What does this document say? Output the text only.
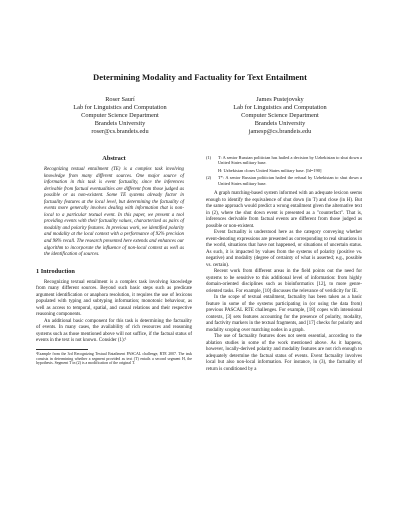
Determining Modality and Factuality for Text Entailment
Roser Saurí
Lab for Linguistics and Computation
Computer Science Department
Brandeis University
roser@cs.brandeis.edu
James Pustejovsky
Lab for Linguistics and Computation
Computer Science Department
Brandeis University
jamesp@cs.brandeis.edu
Abstract

Recognizing textual entailment (TE) is a complex task involving knowledge from many different sources. One major source of information in this task is event factuality, since the inferences derivable from factual eventualities are different from those judged as possible or as non-existent. Some TE systems already factor in factuality features at the local level, but determining the factuality of events more generally involves dealing with information that is non-local to a particular textual event. In this paper, we present a tool providing events with their factuality values, characterized as pairs of modality and polarity features. In previous work, we identified polarity and modality at the local context with a performance of 92% precision and 98% recall. The research presented here extends and enhances our algorithm to incorporate the influence of non-local context as well as the identification of sources.

1 Introduction

Recognizing textual entailment is a complex task involving knowledge from many different sources. Beyond such basic steps such as predicate argument identification or anaphora resolution, it requires the use of lexicons populated with typing and subtyping information; monotonic behaviour, as well as access to temporal, spatial, and causal relations and their respective reasoning components.

An additional basic component for this task is determining the factuality of events. In many cases, the availability of rich resources and reasoning systems such as those mentioned above will not suffice, if the factual status of events in the text is not known. Consider (1):¹

¹Example from the 3rd Recognizing Textual Entailment PASCAL challenge, RTE 2007. The task consists in determining whether a segment provided as text (T) entails a second segment H, the hypothesis. Segment T in (2) is a modification of the original T.
(1)	T: A senior Russian politician has hailed a decision by Uzbekistan to shut down a United States military base.
H: Uzbekistan closes United States military base. [Id=190]
(2)	T*: A senior Russian politician hailed the refusal by Uzbekistan to shut down a United States military base.

A graph matching-based system informed with an adequate lexicon seems enough to identify the equivalence of shut down (in T) and close (in H). But the same approach would predict a wrong entailment given the alternative text in (2), where the shut down event is presented as a "counterfact". That is, inferences derivable from factual events are different from those judged as possible or non-existent.

Event factuality is understood here as the category conveying whether event-denoting expressions are presented as corresponding to real situations in the world, situations that have not happened, or situations of uncertain status. As such, it is impacted by values from the systems of polarity (positive vs. negative) and modality (degree of certainty of what is asserted; e.g., possible vs. certain).

Recent work from different areas in the field points out the need for systems to be sensitive to this additional level of information: from highly domain-oriented disciplines such as bioinformatics [12], to more genre-oriented tasks. For example, [10] discusses the relevance of veridicity for IE.

In the scope of textual entailment, factuality has been taken as a basic feature in some of the systems participating in (or using the data from) previous PASCAL RTE challenges. For example, [18] copes with intensional contexts, [3] sets features accounting for the presence of polarity, modality, and factivity markers in the textual fragments, and [17] checks for polarity and modality scoping over matching nodes in a graph.

The use of factuality features does not seem essential, according to the ablation studies in some of the work mentioned above. As it happens, however, locally-derived polarity and modality features are not rich enough to adequately determine the factual status of events. Event factuality involves local but also non-local information. For instance, in (3), the factuality of return is conditioned by a
